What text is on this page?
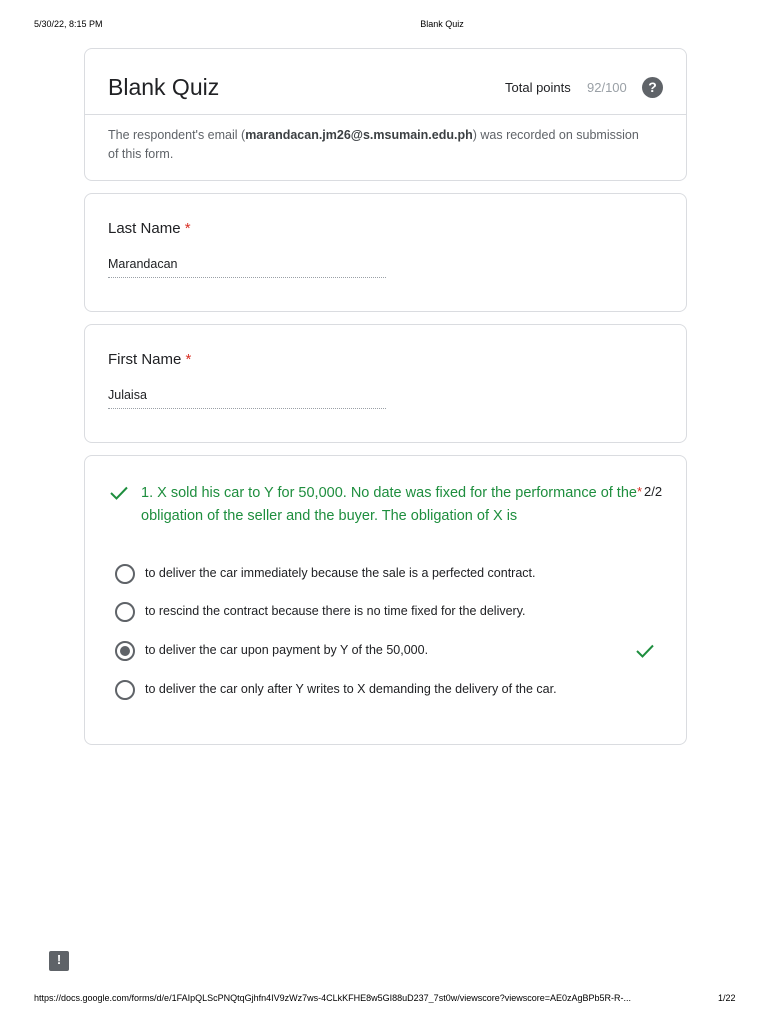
5/30/22, 8:15 PM	Blank Quiz
Blank Quiz	Total points 92/100	?
The respondent's email (marandacan.jm26@s.msumain.edu.ph) was recorded on submission of this form.
Last Name *
Marandacan
First Name *
Julaisa
1. X sold his car to Y for 50,000. No date was fixed for the performance of the obligation of the seller and the buyer. The obligation of X is
* 2/2
to deliver the car immediately because the sale is a perfected contract.
to rescind the contract because there is no time fixed for the delivery.
to deliver the car upon payment by Y of the 50,000.
to deliver the car only after Y writes to X demanding the delivery of the car.
!
https://docs.google.com/forms/d/e/1FAIpQLScPNQtqGjhfn4IV9zWz7ws-4CLkKFHE8w5GI88uD237_7st0w/viewscore?viewscore=AE0zAgBPb5R-R-...	1/22
